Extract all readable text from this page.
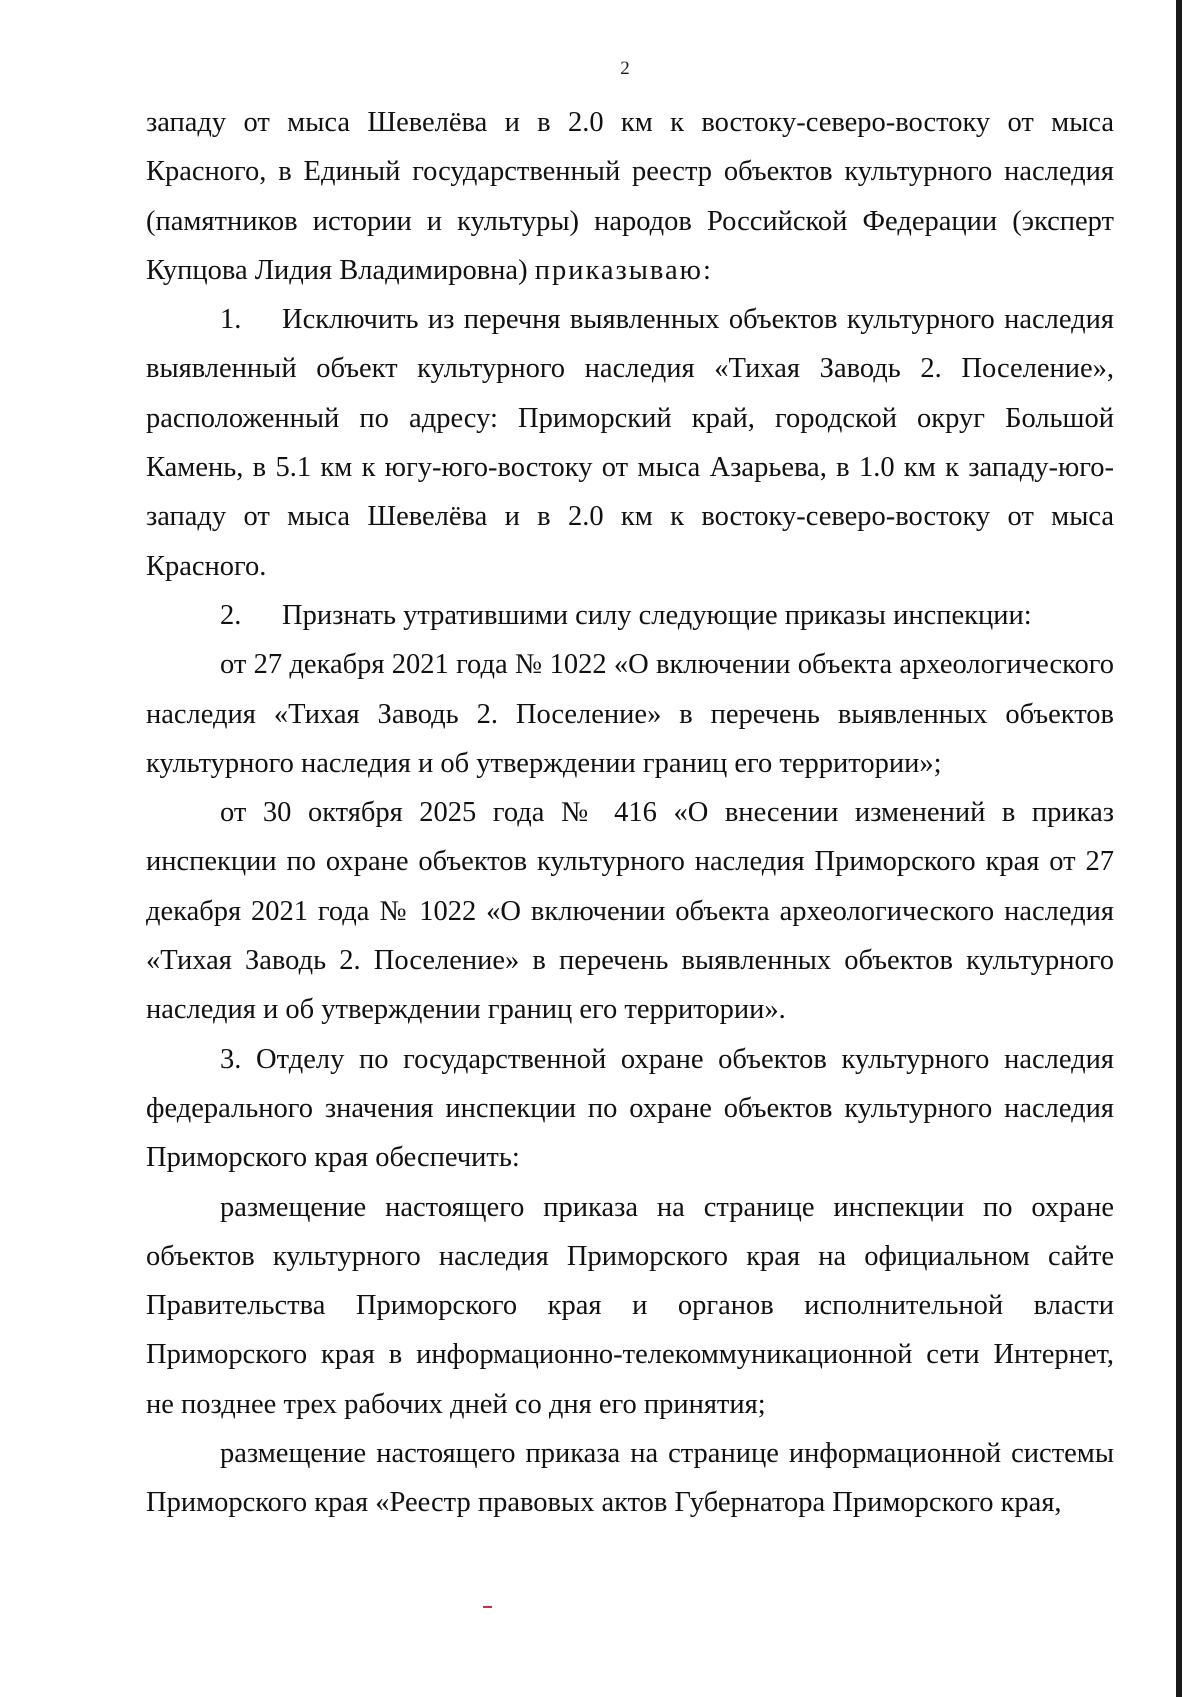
2

западу от мыса Шевелёва и в 2.0 км к востоку-северо-востоку от мыса Красного, в Единый государственный реестр объектов культурного наследия (памятников истории и культуры) народов Российской Федерации (эксперт Купцова Лидия Владимировна) приказываю:

1. Исключить из перечня выявленных объектов культурного наследия выявленный объект культурного наследия «Тихая Заводь 2. Поселение», расположенный по адресу: Приморский край, городской округ Большой Камень, в 5.1 км к югу-юго-востоку от мыса Азарьева, в 1.0 км к западу-юго-западу от мыса Шевелёва и в 2.0 км к востоку-северо-востоку от мыса Красного.

2. Признать утратившими силу следующие приказы инспекции:

от 27 декабря 2021 года № 1022 «О включении объекта археологического наследия «Тихая Заводь 2. Поселение» в перечень выявленных объектов культурного наследия и об утверждении границ его территории»;

от 30 октября 2025 года № 416 «О внесении изменений в приказ инспекции по охране объектов культурного наследия Приморского края от 27 декабря 2021 года № 1022 «О включении объекта археологического наследия «Тихая Заводь 2. Поселение» в перечень выявленных объектов культурного наследия и об утверждении границ его территории».

3. Отделу по государственной охране объектов культурного наследия федерального значения инспекции по охране объектов культурного наследия Приморского края обеспечить:

размещение настоящего приказа на странице инспекции по охране объектов культурного наследия Приморского края на официальном сайте Правительства Приморского края и органов исполнительной власти Приморского края в информационно-телекоммуникационной сети Интернет, не позднее трех рабочих дней со дня его принятия;

размещение настоящего приказа на странице информационной системы Приморского края «Реестр правовых актов Губернатора Приморского края,
